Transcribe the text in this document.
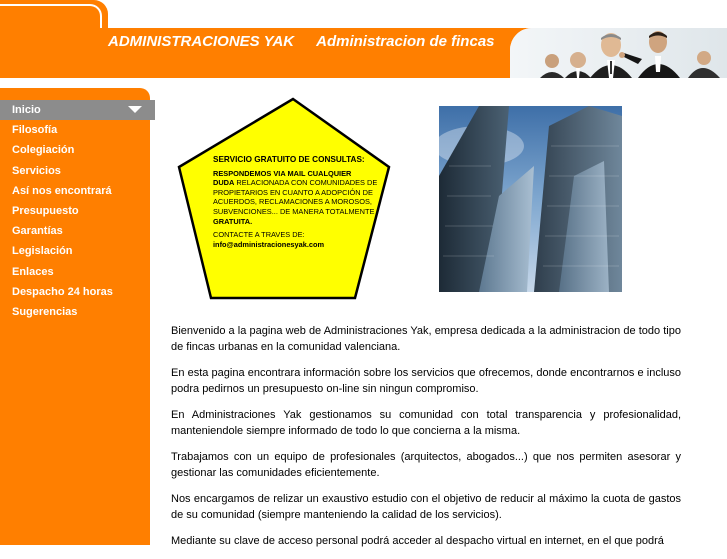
ADMINISTRACIONES YAK Administracion de fincas
Inicio
Filosofía
Colegiación
Servicios
Así nos encontrará
Presupuesto
Garantías
Legislación
Enlaces
Despacho 24 horas
Sugerencias
SERVICIO GRATUITO DE CONSULTAS:
RESPONDEMOS VIA MAIL CUALQUIER
DUDA RELACIONADA CON COMUNIDADES DE PROPIETARIOS EN CUANTO A ADOPCIÓN DE ACUERDOS, RECLAMACIONES A MOROSOS, SUBVENCIONES... DE MANERA TOTALMENTE GRATUITA.
CONTACTE A TRAVES DE:
info@administracionesyak.com

Bienvenido a la pagina web de Administraciones Yak, empresa dedicada a la administracion de todo tipo de fincas urbanas en la comunidad valenciana.

En esta pagina encontrara información sobre los servicios que ofrecemos, donde encontrarnos e incluso podra pedirnos un presupuesto on-line sin ningun compromiso.

En Administraciones Yak gestionamos su comunidad con total transparencia y profesionalidad, manteniendole siempre informado de todo lo que concierna a la misma.

Trabajamos con un equipo de profesionales (arquitectos, abogados...) que nos permiten asesorar y gestionar las comunidades eficientemente.

Nos encargamos de relizar un exaustivo estudio con el objetivo de reducir al máximo la cuota de gastos de su comunidad (siempre manteniendo la calidad de los servicios).

Mediante su clave de acceso personal podrá acceder al despacho virtual en internet, en el que podrá
